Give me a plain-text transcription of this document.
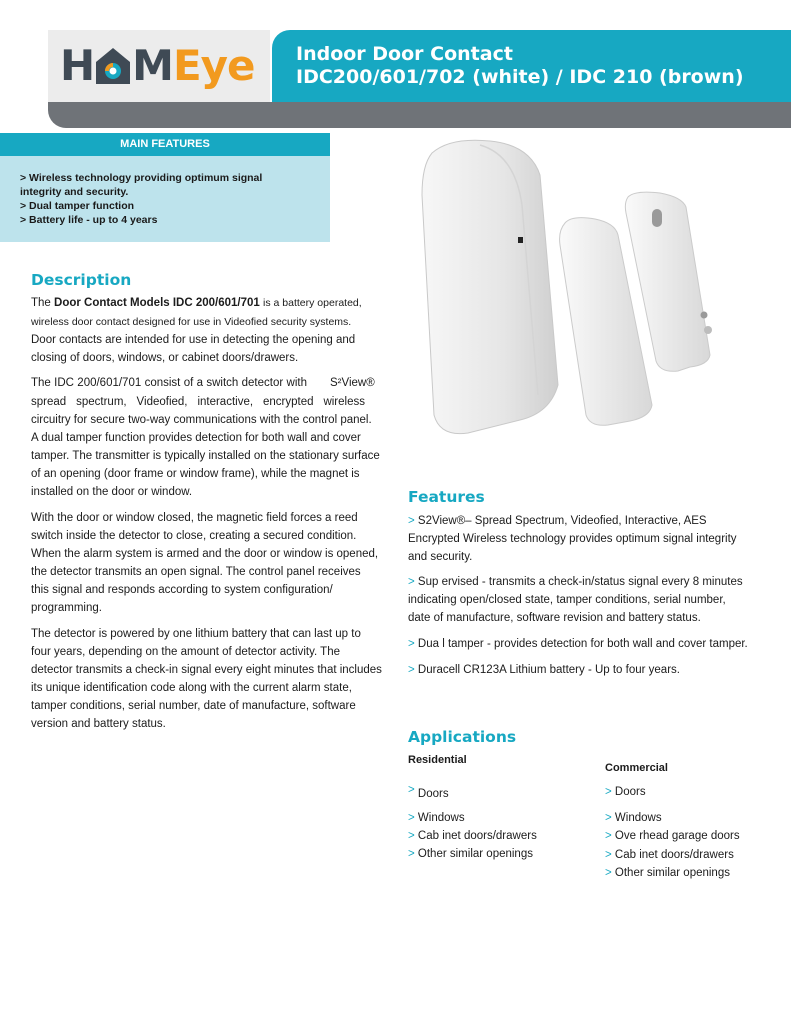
H MEye Indoor Door Contact
IDC200/601/702 (white) / IDC 210 (brown)
MAIN FEATURES
> Wireless technology providing optimum signal
integrity and security.
> Dual tamper function
> Battery life - up to 4 years
Description
The Door Contact Models IDC 200/601/701 is a battery operated,
wireless door contact designed for use in Videofied security systems.
Door contacts are intended for use in detecting the opening and
closing of doors, windows, or cabinet doors/drawers.
The IDC 200/601/701 consist of a switch detector with S²View®
spread spectrum, Videofied, interactive, encrypted wireless
circuitry for secure two-way communications with the control panel.
A dual tamper function provides detection for both wall and cover
tamper. The transmitter is typically installed on the stationary surface
of an opening (door frame or window frame), while the magnet is
installed on the door or window.
With the door or window closed, the magnetic field forces a reed
switch inside the detector to close, creating a secured condition.
When the alarm system is armed and the door or window is opened,
the detector transmits an open signal. The control panel receives
this signal and responds according to system configuration/
programming.
The detector is powered by one lithium battery that can last up to
four years, depending on the amount of detector activity. The
detector transmits a check-in signal every eight minutes that includes
its unique identification code along with the current alarm state,
tamper conditions, serial number, date of manufacture, software
version and battery status.
Features
> S2View®– Spread Spectrum, Videofied, Interactive, AES
Encrypted Wireless technology provides optimum signal integrity
and security.
> Sup ervised - transmits a check-in/status signal every 8 minutes
indicating open/closed state, tamper conditions, serial number,
date of manufacture, software revision and battery status.
> Dua l tamper - provides detection for both wall and cover tamper.
> Duracell CR123A Lithium battery - Up to four years.
Applications
Residential
> Doors
> Windows
> Cab inet doors/drawers
> Other similar openings
Commercial
> Doors
> Windows
> Ove rhead garage doors
> Cab inet doors/drawers
> Other similar openings
